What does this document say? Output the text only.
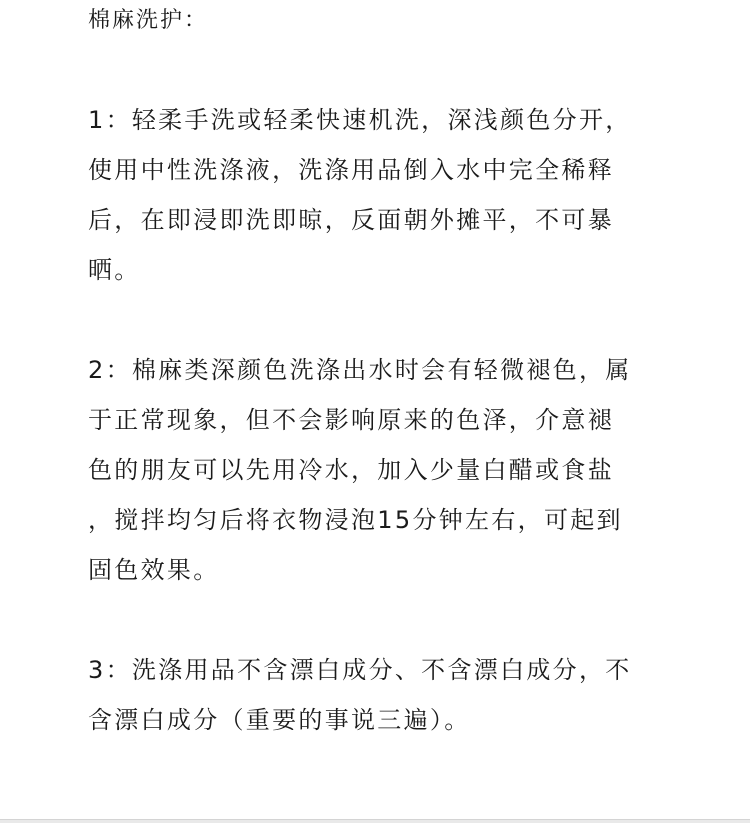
棉麻洗护：

1：轻柔手洗或轻柔快速机洗，深浅颜色分开，

使用中性洗涤液，洗涤用品倒入水中完全稀释

后，在即浸即洗即晾，反面朝外摊平，不可暴

晒。

2：棉麻类深颜色洗涤出水时会有轻微褪色，属

于正常现象，但不会影响原来的色泽，介意褪

色的朋友可以先用冷水，加入少量白醋或食盐

，搅拌均匀后将衣物浸泡15分钟左右，可起到

固色效果。

3：洗涤用品不含漂白成分、不含漂白成分，不

含漂白成分（重要的事说三遍）。
